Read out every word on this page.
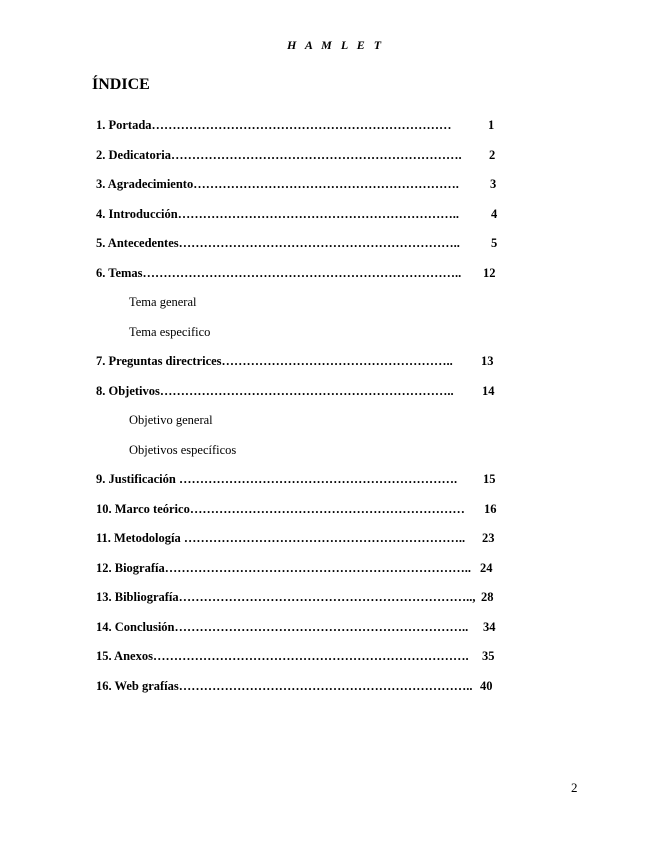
H A M L E T
ÍNDICE
1. Portada………………………………………………………………	1
2. Dedicatoria……………………………………………………………. 2
3. Agradecimiento………………………………………………………. 3
4. Introducción…………………………………………………………..	4
5. Antecedentes………………………………………………………….. 5
6. Temas………………………………………………………………….. 12
Tema general
Tema especifico
7. Preguntas directrices……………………………………………….. 13
8. Objetivos…………………………………………………………….. 14
Objetivo general
Objetivos específicos
9. Justificación …………………………………………………………. 15
10. Marco teórico………………………………………………………… 16
11. Metodología ………………………………………………………….. 23
12. Biografía……………………………………………………………….. 24
13. Bibliografía…………………………………………………………….., 28
14. Conclusión…………………………………………………………….. 34
15. Anexos…………………………………………………………………. 35
16. Web grafías…………………………………………………………….. 40
2
